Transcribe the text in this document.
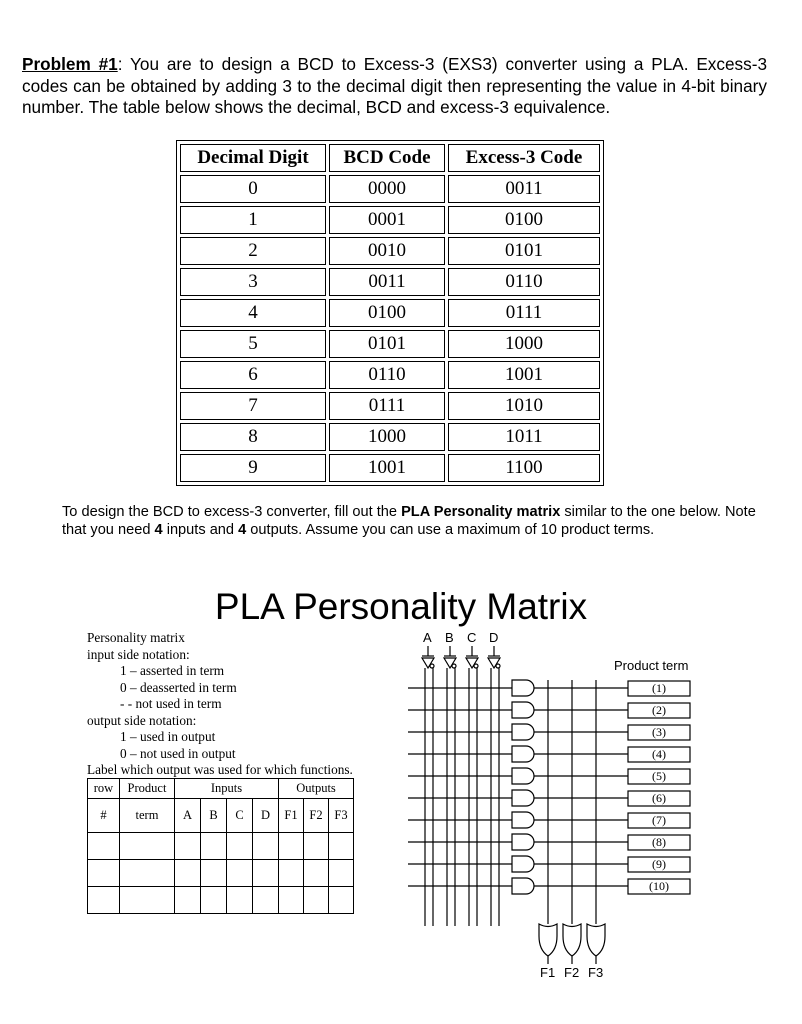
Problem #1: You are to design a BCD to Excess-3 (EXS3) converter using a PLA. Excess-3 codes can be obtained by adding 3 to the decimal digit then representing the value in 4-bit binary number. The table below shows the decimal, BCD and excess-3 equivalence.
Decimal Digit	BCD Code	Excess-3 Code
0	0000	0011
1	0001	0100
2	0010	0101
3	0011	0110
4	0100	0111
5	0101	1000
6	0110	1001
7	0111	1010
8	1000	1011
9	1001	1100
To design the BCD to excess-3 converter, fill out the PLA Personality matrix similar to the one below. Note that you need 4 inputs and 4 outputs. Assume you can use a maximum of 10 product terms.
PLA Personality Matrix
Personality matrix
input side notation:
1 – asserted in term
0 – deasserted in term
- - not used in term
output side notation:
1 – used in output
0 – not used in output
Label which output was used for which functions.
row	Product	Inputs				Outputs		
#	term	A	B	C	D	F1	F2	F3

A B C D
(1)
(2)
(3)
(4)
(5)
(6)
(7)
(8)
(9)
(10)
Product term
F1 F2 F3
